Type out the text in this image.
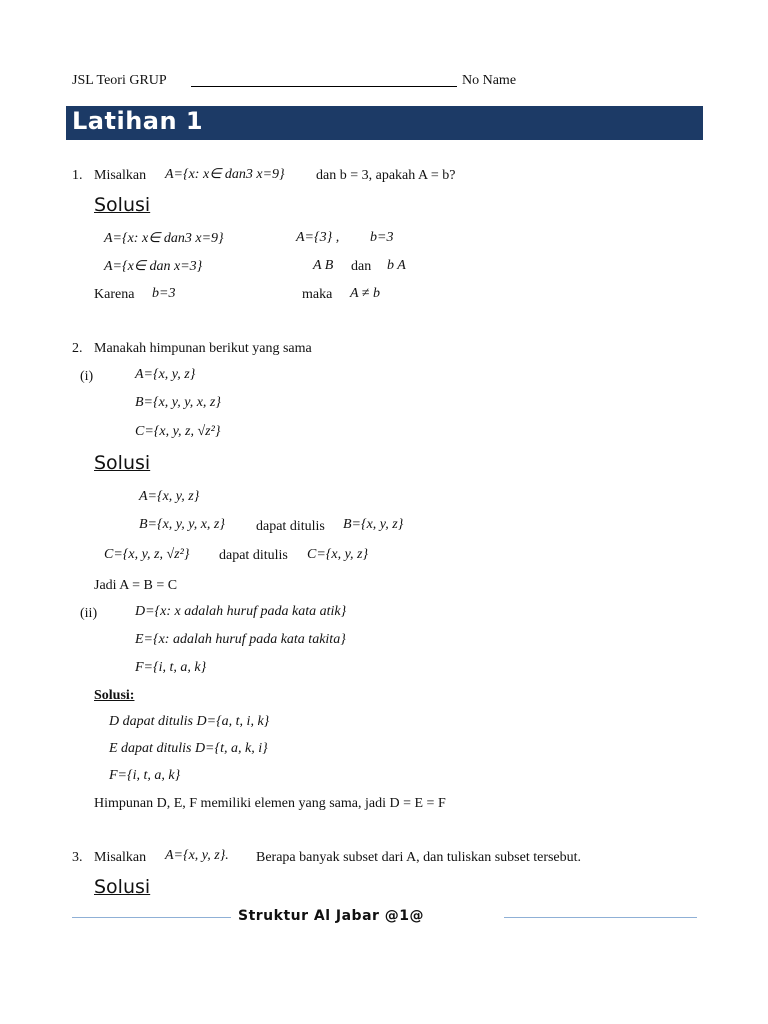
JSL Teori GRUP	No Name
Latihan 1
1. Misalkan A={x: x∈ dan3 x=9} dan b = 3, apakah A = b?
Solusi
A={x: x∈ dan3 x=9}	A={3} , b=3
A={x∈ dan x=3}	A B dan b A
Karena b=3	maka A ≠ b
2. Manakah himpunan berikut yang sama
(i)	A={x, y, z}
B={x, y, y, x, z}
C={x, y, z, √z²}
Solusi
A={x, y, z}
B={x, y, y, x, z} dapat ditulis B={x, y, z}
C={x, y, z, √z²} dapat ditulis C={x, y, z}
Jadi A = B = C
(ii)	D={x: x adalah huruf pada kata atik}
E={x: adalah huruf pada kata takita}
F={i, t, a, k}
Solusi:
D dapat ditulis D={a, t, i, k}
E dapat ditulis D={t, a, k, i}
F={i, t, a, k}
Himpunan D, E, F memiliki elemen yang sama, jadi D = E = F
3. Misalkan A={x, y, z}. Berapa banyak subset dari A, dan tuliskan subset tersebut.
Solusi
Struktur Al Jabar @1@
